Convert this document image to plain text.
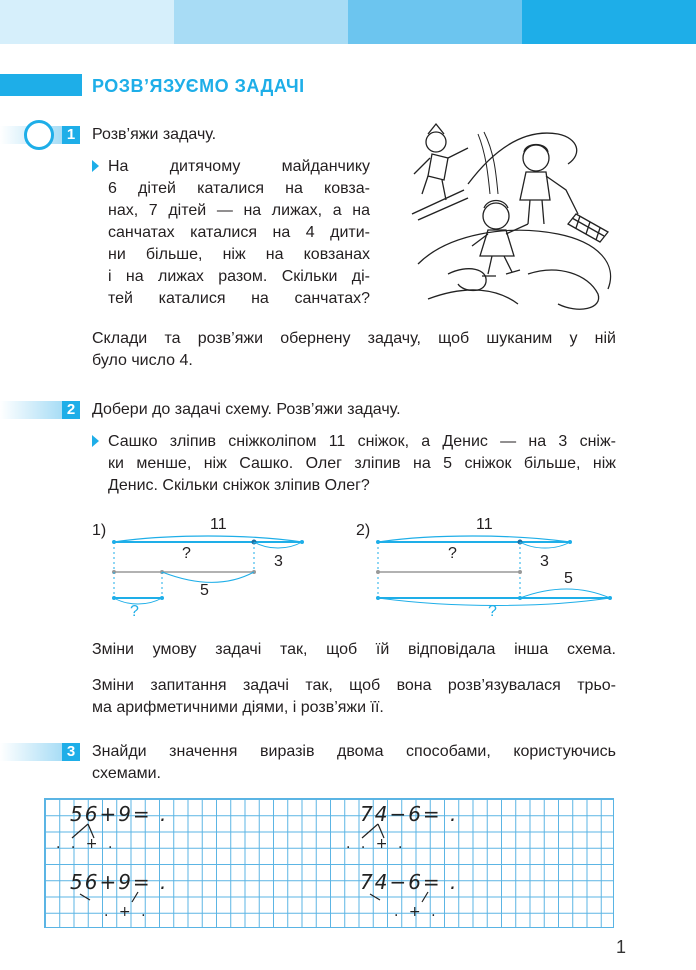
РОЗВ’ЯЗУЄМО ЗАДАЧІ
1	Розв’яжи задачу.
На дитячому майданчику
6 дітей каталися на ковза-
нах, 7 дітей — на лижах, а на
санчатах каталися на 4 дити-
ни більше, ніж на ковзанах
і на лижах разом. Скільки ді-
тей каталися на санчатах?
Склади та розв’яжи обернену задачу, щоб шуканим у ній
було число 4.
2	Добери до задачі схему. Розв’яжи задачу.
Сашко зліпив сніжколіпом 11 сніжок, а Денис — на 3 сніж-
ки менше, ніж Сашко. Олег зліпив на 5 сніжок більше, ніж
Денис. Скільки сніжок зліпив Олег?
1)	11
?	3
5
?
2)	11
?	3
5
?
Зміни умову задачі так, щоб їй відповідала інша схема.
Зміни запитання задачі так, щоб вона розв’язувалася трьо-
ма арифметичними діями, і розв’яжи її.
3	Знайди значення виразів двома способами, користуючись
схемами.
56+9= .
. . + .
56+9= .
. + .
74−6= .
. . + .
74−6= .
. + .
1
